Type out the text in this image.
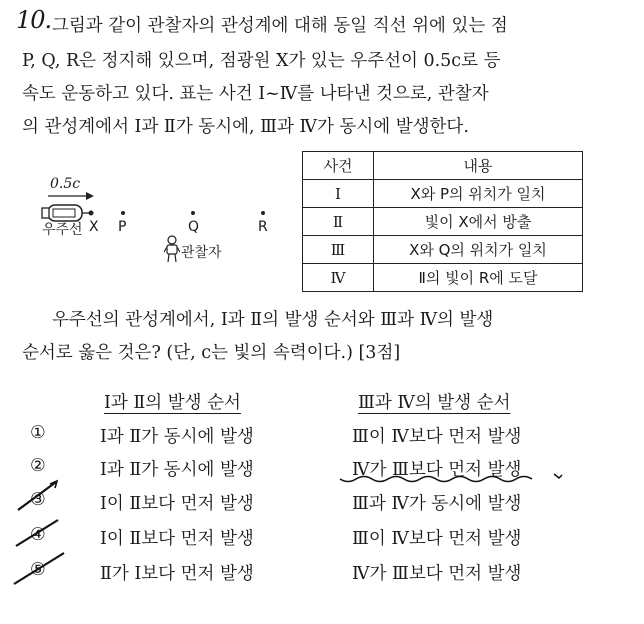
10. 그림과 같이 관찰자의 관성계에 대해 동일 직선 위에 있는 점
P, Q, R은 정지해 있으며, 점광원 X가 있는 우주선이 0.5c로 등
속도 운동하고 있다. 표는 사건 Ⅰ~Ⅳ를 나타낸 것으로, 관찰자
의 관성계에서 Ⅰ과 Ⅱ가 동시에, Ⅲ과 Ⅳ가 동시에 발생한다.
0.5c
우주선 X P	Q	R
관찰자
사건	내용
Ⅰ	X와 P의 위치가 일치
Ⅱ	빛이 X에서 방출
Ⅲ	X와 Q의 위치가 일치
Ⅳ	Ⅱ의 빛이 R에 도달
우주선의 관성계에서, Ⅰ과 Ⅱ의 발생 순서와 Ⅲ과 Ⅳ의 발생
순서로 옳은 것은? (단, c는 빛의 속력이다.) [3점]
Ⅰ과 Ⅱ의 발생 순서	Ⅲ과 Ⅳ의 발생 순서
①	Ⅰ과 Ⅱ가 동시에 발생	Ⅲ이 Ⅳ보다 먼저 발생
②	Ⅰ과 Ⅱ가 동시에 발생	Ⅳ가 Ⅲ보다 먼저 발생
③	Ⅰ이 Ⅱ보다 먼저 발생	Ⅲ과 Ⅳ가 동시에 발생
④	Ⅰ이 Ⅱ보다 먼저 발생	Ⅲ이 Ⅳ보다 먼저 발생
⑤	Ⅱ가 Ⅰ보다 먼저 발생	Ⅳ가 Ⅲ보다 먼저 발생
